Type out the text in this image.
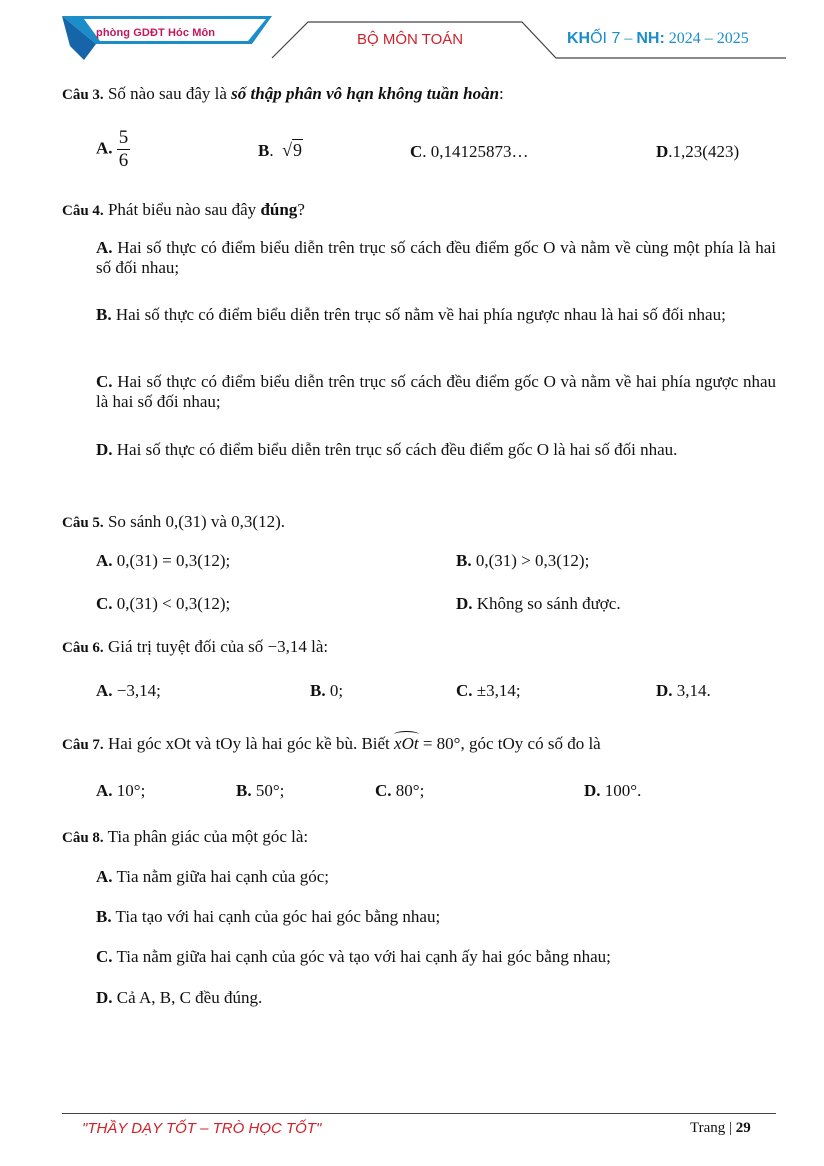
phòng GDĐT Hóc Môn	BỘ MÔN TOÁN	KHỐI 7 – NH: 2024 – 2025
Câu 3. Số nào sau đây là số thập phân vô hạn không tuần hoàn:
A. $\frac{5}{6}$	B. √9	C. 0,14125873…	D.1,23(423)
Câu 4. Phát biểu nào sau đây đúng?
A. Hai số thực có điểm biểu diễn trên trục số cách đều điểm gốc O và nằm về cùng một phía là hai số đối nhau;
B. Hai số thực có điểm biểu diễn trên trục số nằm về hai phía ngược nhau là hai số đối nhau;
C. Hai số thực có điểm biểu diễn trên trục số cách đều điểm gốc O và nằm về hai phía ngược nhau là hai số đối nhau;
D. Hai số thực có điểm biểu diễn trên trục số cách đều điểm gốc O là hai số đối nhau.
Câu 5. So sánh 0,(31) và 0,3(12).
A. 0,(31) = 0,3(12);	B. 0,(31) > 0,3(12);
C. 0,(31) < 0,3(12);	D. Không so sánh được.
Câu 6. Giá trị tuyệt đối của số −3,14 là:
A. −3,14;	B. 0;	C. ±3,14;	D. 3,14.
Câu 7. Hai góc xOt và tOy là hai góc kề bù. Biết xOt = 80°, góc tOy có số đo là
A. 10°;	B. 50°;	C. 80°;	D. 100°.
Câu 8. Tia phân giác của một góc là:
A. Tia nằm giữa hai cạnh của góc;
B. Tia tạo với hai cạnh của góc hai góc bằng nhau;
C. Tia nằm giữa hai cạnh của góc và tạo với hai cạnh ấy hai góc bằng nhau;
D. Cả A, B, C đều đúng.
"THẦY DẠY TỐT – TRÒ HỌC TỐT"	Trang | 29
